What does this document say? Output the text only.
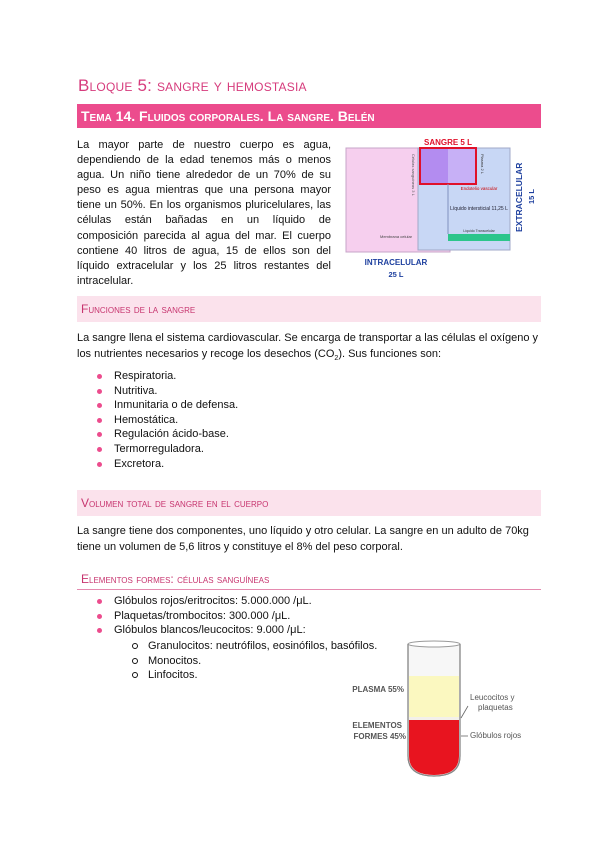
Bloque 5: sangre y hemostasia
Tema 14. Fluidos corporales. La sangre. Belén
La mayor parte de nuestro cuerpo es agua, dependiendo de la edad tenemos más o menos agua. Un niño tiene alrededor de un 70% de su peso es agua mientras que una persona mayor tiene un 50%. En los organismos pluricelulares, las células están bañadas en un líquido de composición parecida al agua del mar. El cuerpo contiene 40 litros de agua, 15 de ellos son del líquido extracelular y los 25 litros restantes del intracelular.
SANGRE 5 L
Células sanguíneas 3 L	Plasma 2 L
Endotelio vascular
Líquido intersticial 11,25 L
Líquido Transcelular
Membrana celular
EXTRACELULAR 15 L
INTRACELULAR
25 L
Funciones de la sangre
La sangre llena el sistema cardiovascular. Se encarga de transportar a las células el oxígeno y los nutrientes necesarios y recoge los desechos $(CO_2)$. Sus funciones son:
Respiratoria.
Nutritiva.
Inmunitaria o de defensa.
Hemostática.
Regulación ácido-base.
Termorreguladora.
Excretora.
Volumen total de sangre en el cuerpo
La sangre tiene dos componentes, uno líquido y otro celular. La sangre en un adulto de 70kg tiene un volumen de 5,6 litros y constituye el 8% del peso corporal.
Elementos formes: células sanguíneas
Glóbulos rojos/eritrocitos: 5.000.000 /μL.
Plaquetas/trombocitos: 300.000 /μL.
Glóbulos blancos/leucocitos: 9.000 /μL:
Granulocitos: neutrófilos, eosinófilos, basófilos.
Monocitos.
Linfocitos.
PLASMA 55%
ELEMENTOS
FORMES 45%
Leucocitos y
plaquetas
Glóbulos rojos
